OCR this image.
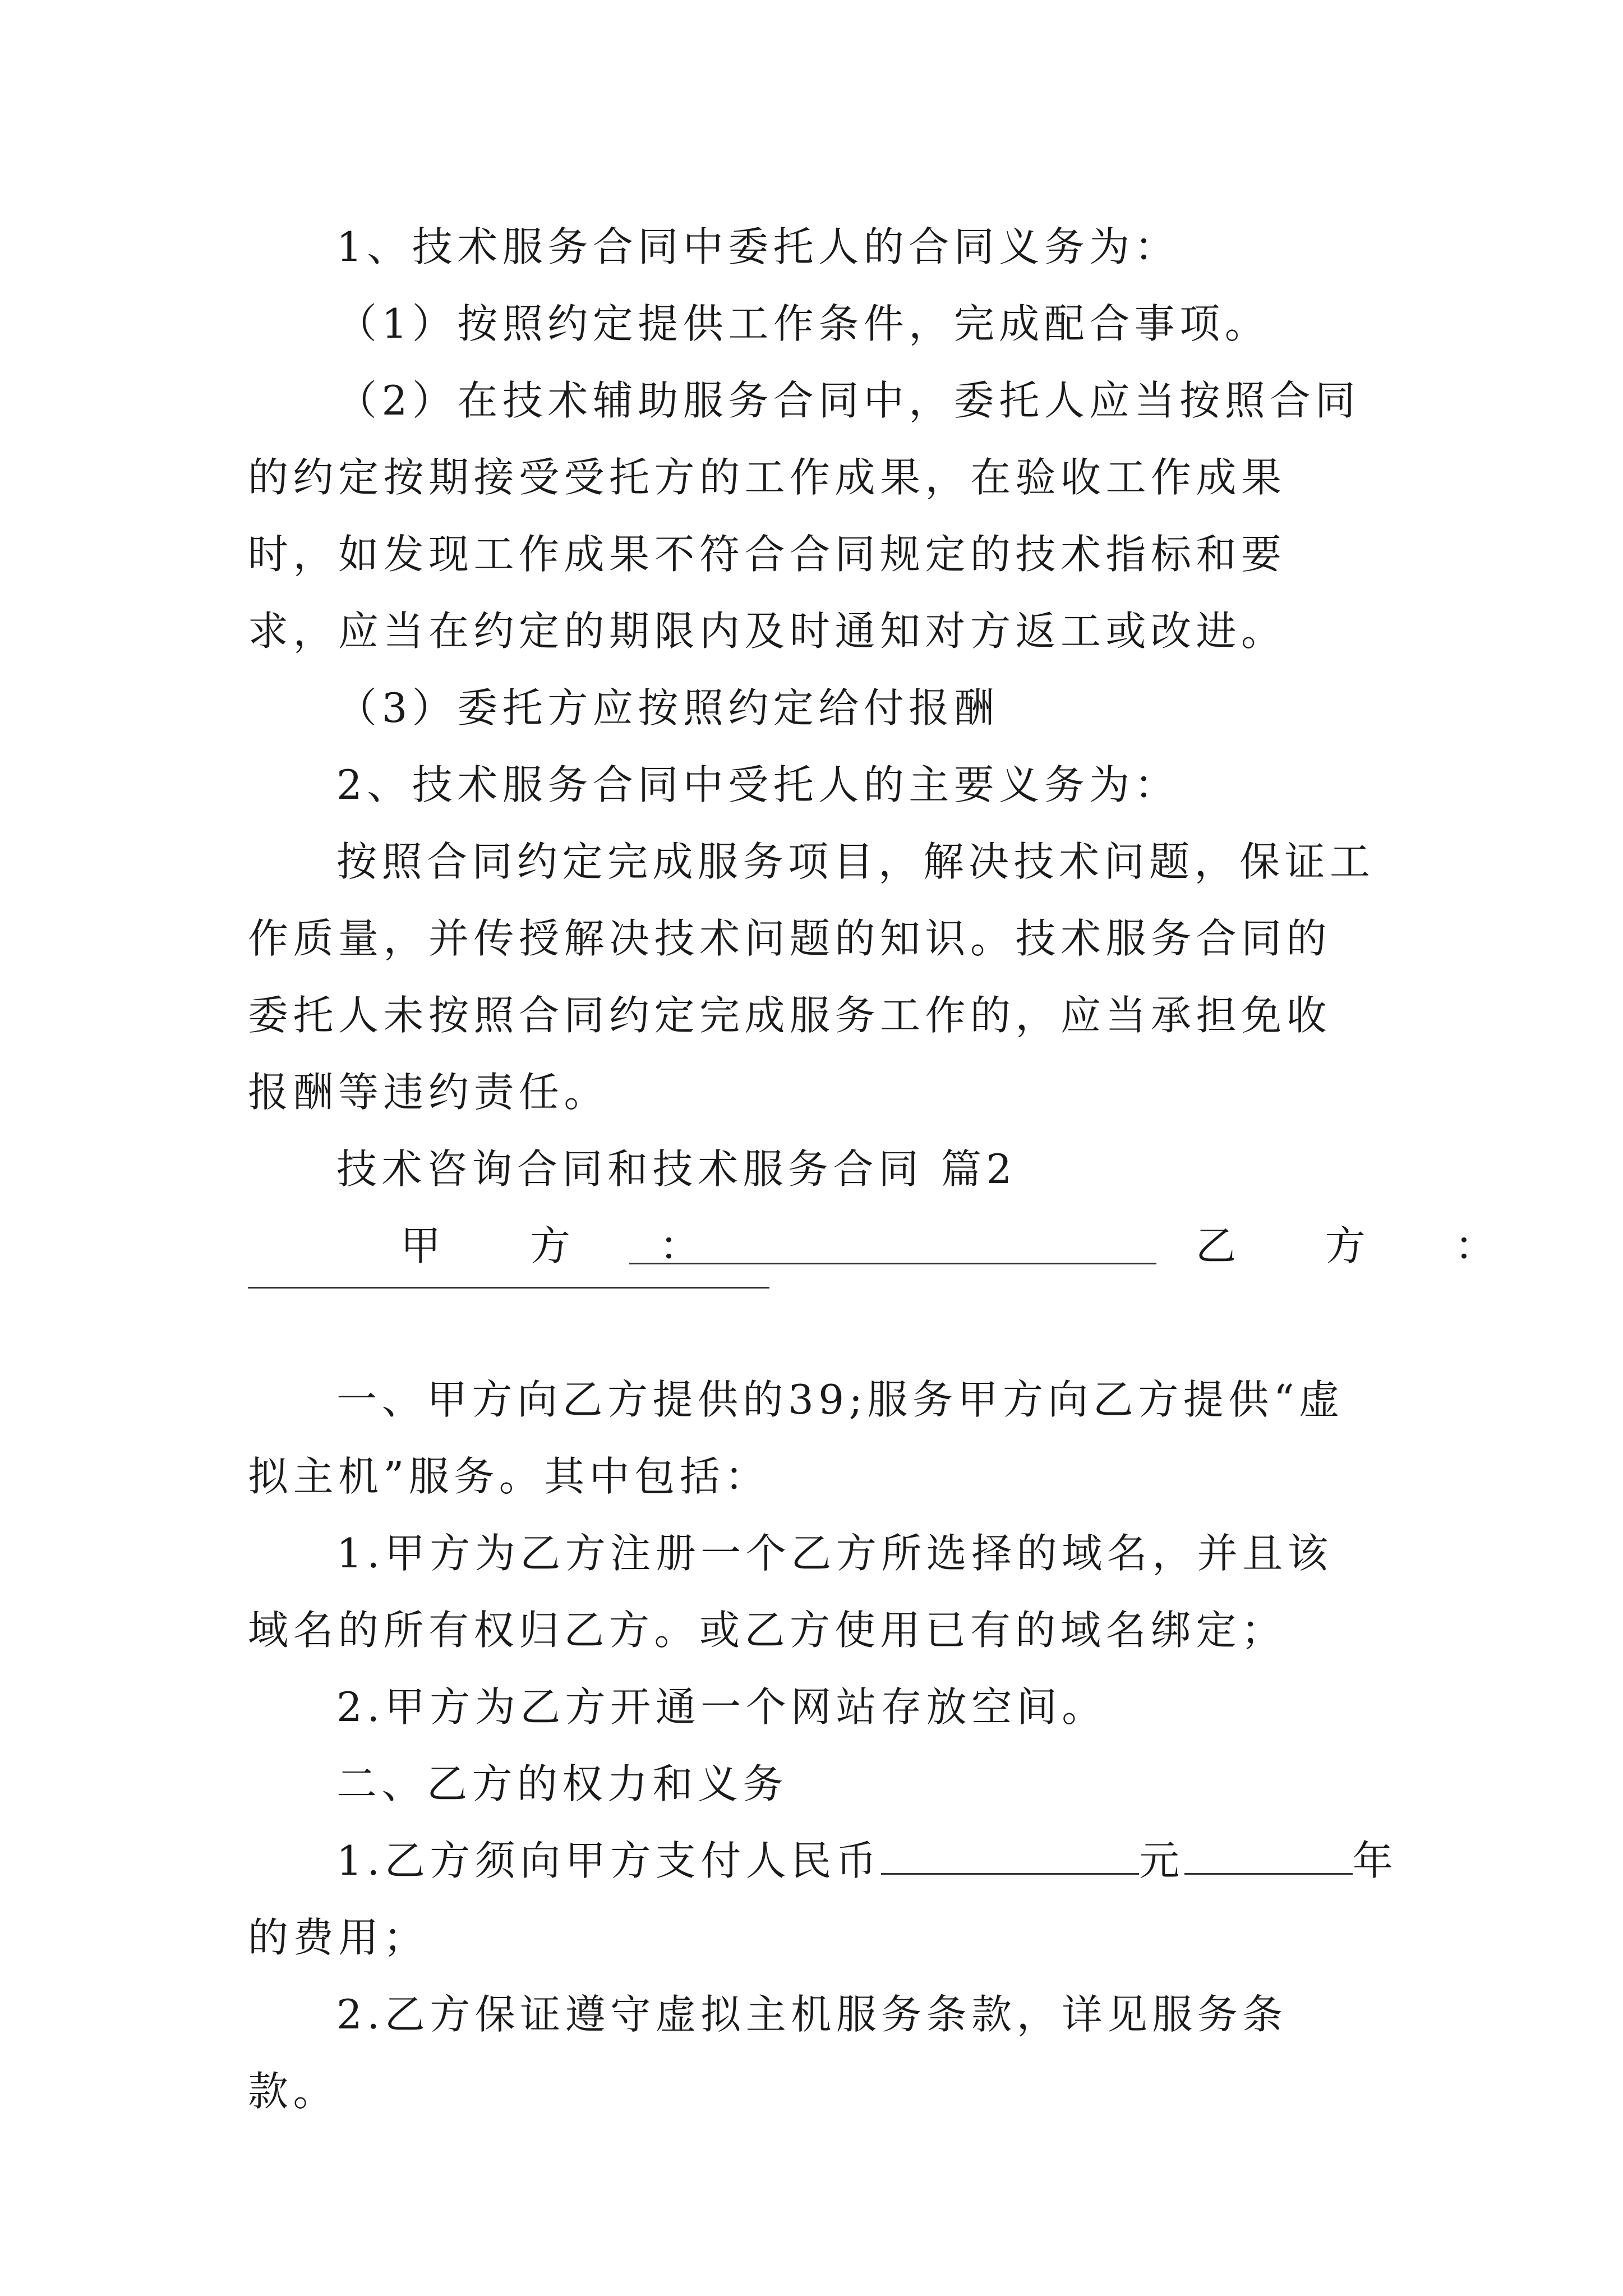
1、技术服务合同中委托人的合同义务为：

（1）按照约定提供工作条件，完成配合事项。

（2）在技术辅助服务合同中，委托人应当按照合同的约定按期接受受托方的工作成果，在验收工作成果时，如发现工作成果不符合合同规定的技术指标和要求，应当在约定的期限内及时通知对方返工或改进。

（3）委托方应按照约定给付报酬

2、技术服务合同中受托人的主要义务为：

按照合同约定完成服务项目，解决技术问题，保证工作质量，并传授解决技术问题的知识。技术服务合同的委托人未按照合同约定完成服务工作的，应当承担免收报酬等违约责任。

技术咨询合同和技术服务合同 篇2

甲 方 ：	乙 方 ：

一、甲方向乙方提供的39;服务甲方向乙方提供“虚拟主机”服务。其中包括：

1.甲方为乙方注册一个乙方所选择的域名，并且该域名的所有权归乙方。或乙方使用已有的域名绑定；

2.甲方为乙方开通一个网站存放空间。

二、乙方的权力和义务

1.乙方须向甲方支付人民币	元	年

的费用；

2.乙方保证遵守虚拟主机服务条款，详见服务条款。
